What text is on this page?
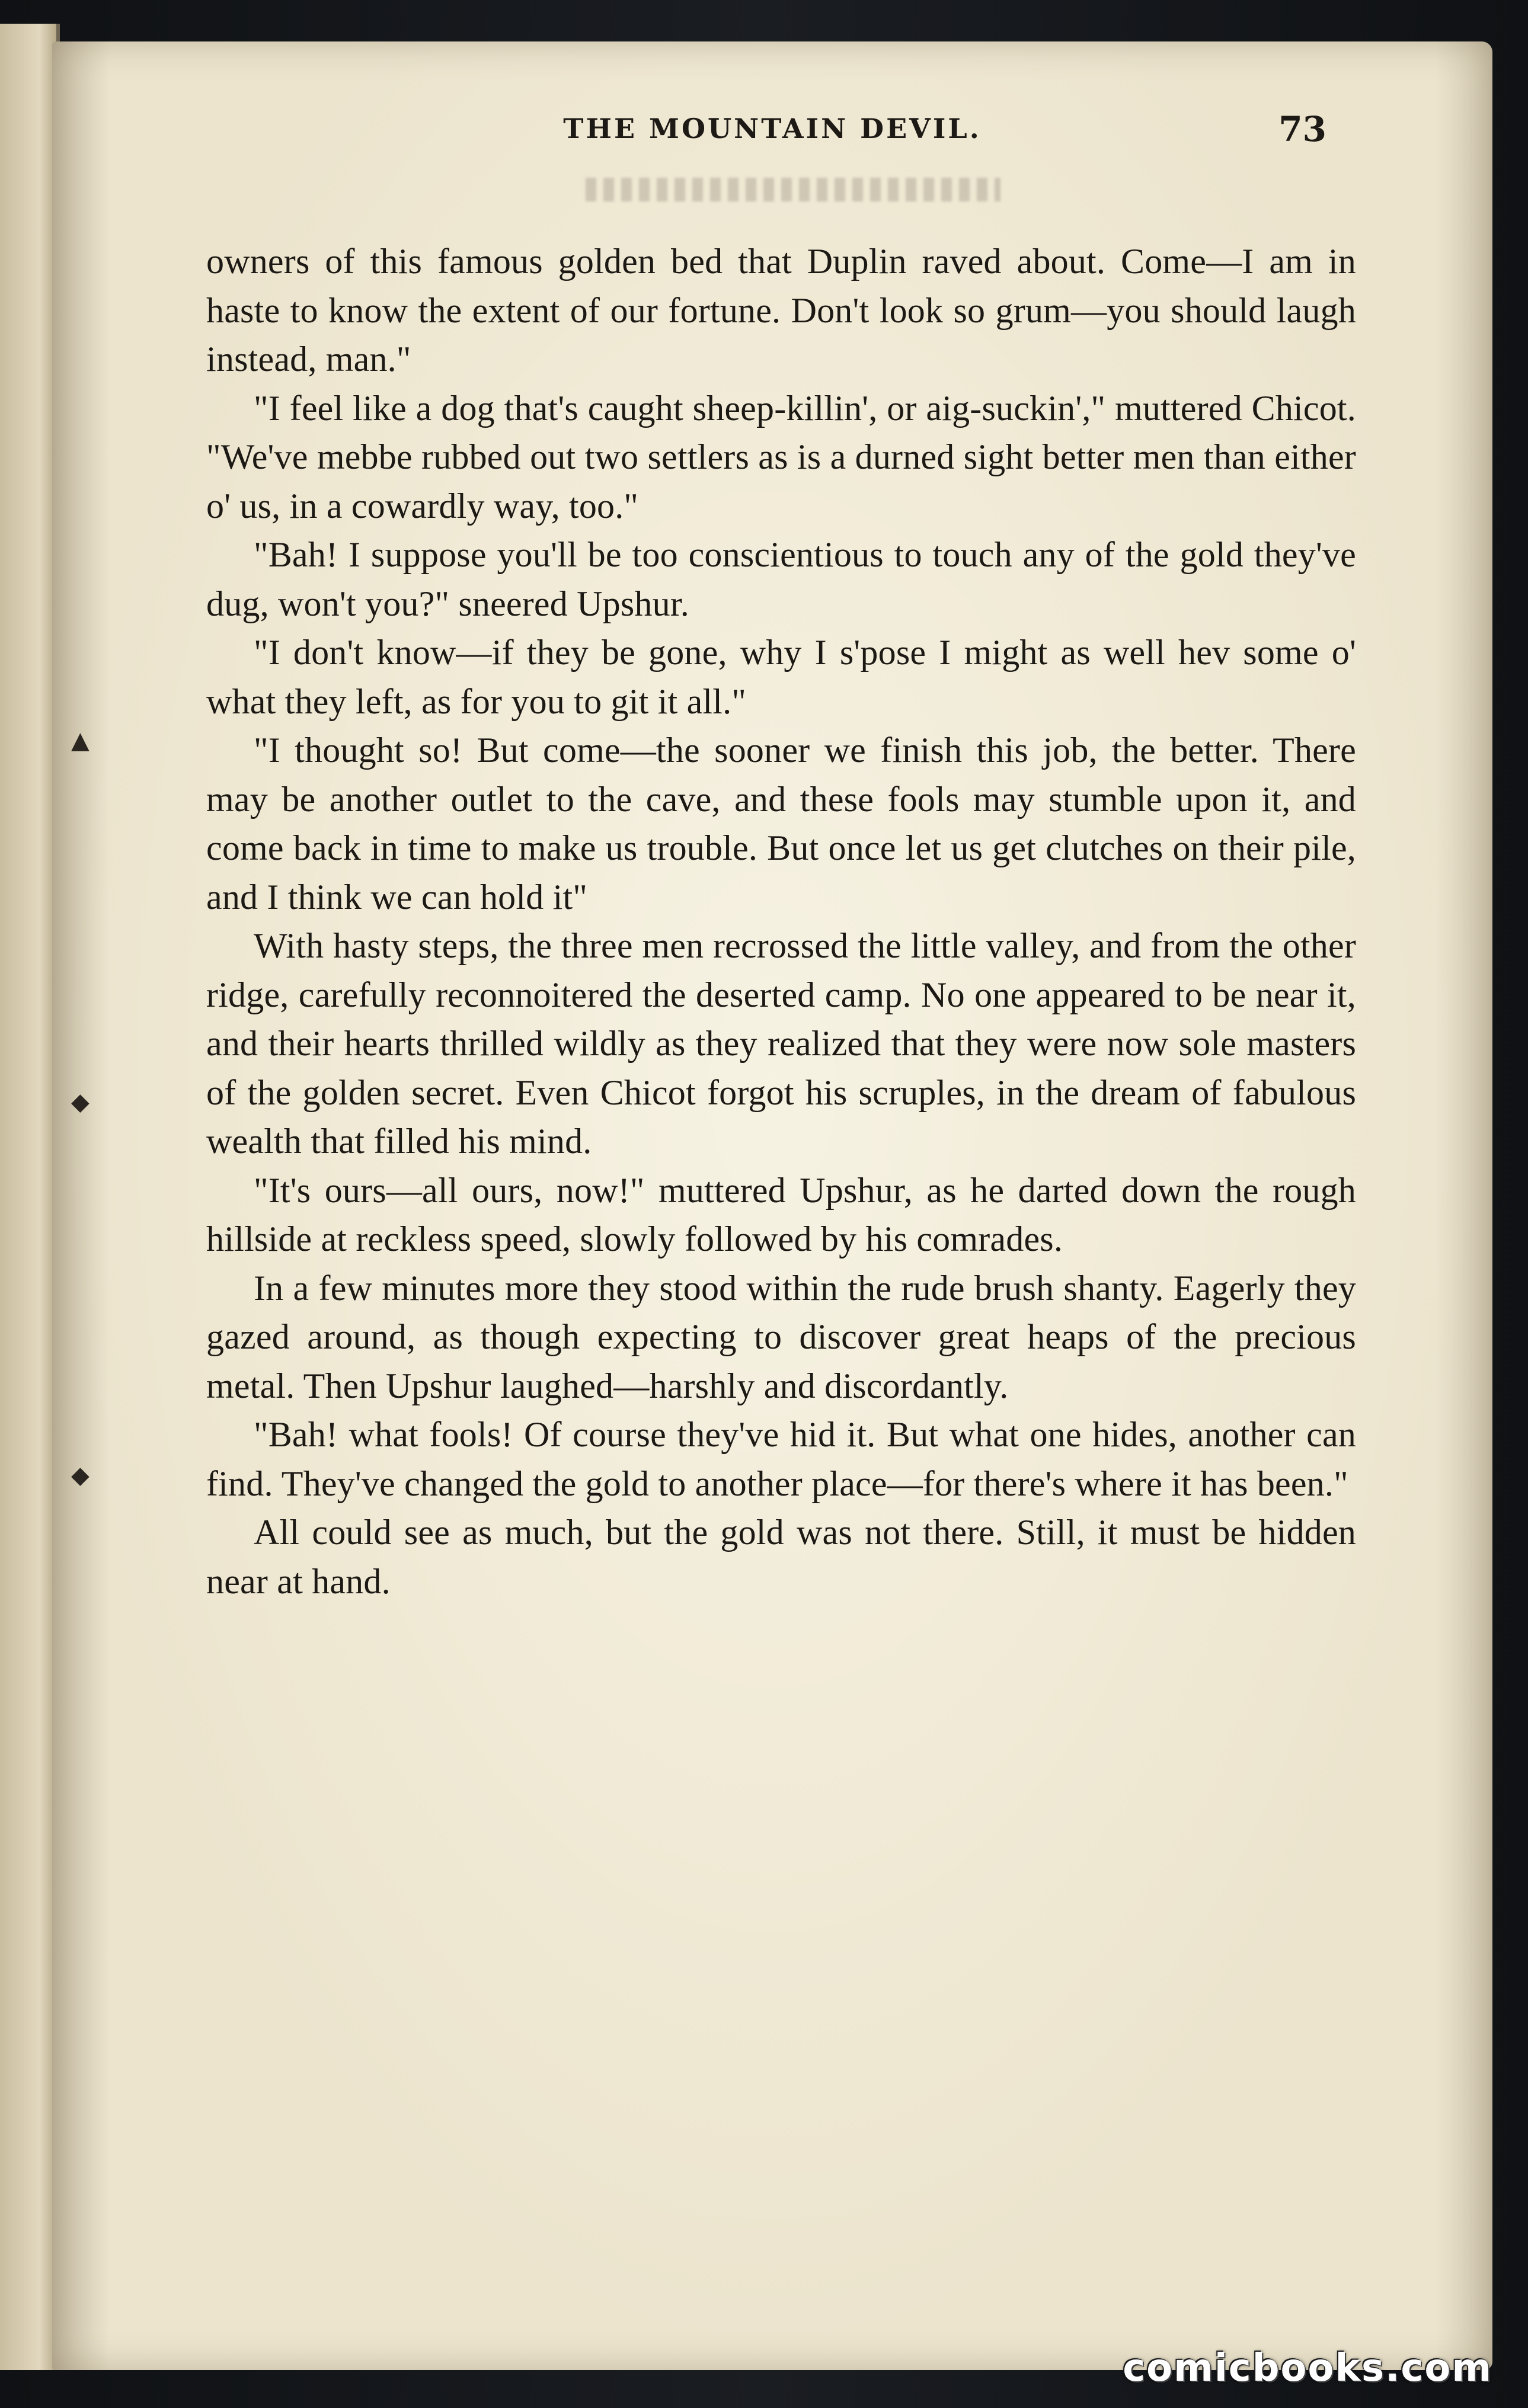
THE MOUNTAIN DEVIL.	73

owners of this famous golden bed that Duplin raved about. Come—I am in haste to know the extent of our fortune. Don't look so grum—you should laugh instead, man."

"I feel like a dog that's caught sheep-killin', or aig-suckin'," muttered Chicot. "We've mebbe rubbed out two settlers as is a durned sight better men than either o' us, in a cowardly way, too."

"Bah! I suppose you'll be too conscientious to touch any of the gold they've dug, won't you?" sneered Upshur.

"I don't know—if they be gone, why I s'pose I might as well hev some o' what they left, as for you to git it all."

"I thought so! But come—the sooner we finish this job, the better. There may be another outlet to the cave, and these fools may stumble upon it, and come back in time to make us trouble. But once let us get clutches on their pile, and I think we can hold it"

With hasty steps, the three men recrossed the little valley, and from the other ridge, carefully reconnoitered the deserted camp. No one appeared to be near it, and their hearts thrilled wildly as they realized that they were now sole masters of the golden secret. Even Chicot forgot his scruples, in the dream of fabulous wealth that filled his mind.

"It's ours—all ours, now!" muttered Upshur, as he darted down the rough hillside at reckless speed, slowly followed by his comrades.

In a few minutes more they stood within the rude brush shanty. Eagerly they gazed around, as though expecting to discover great heaps of the precious metal. Then Upshur laughed—harshly and discordantly.

"Bah! what fools! Of course they've hid it. But what one hides, another can find. They've changed the gold to another place—for there's where it has been."

All could see as much, but the gold was not there. Still, it must be hidden near at hand.

▲
◆
◆
comicbooks.com
